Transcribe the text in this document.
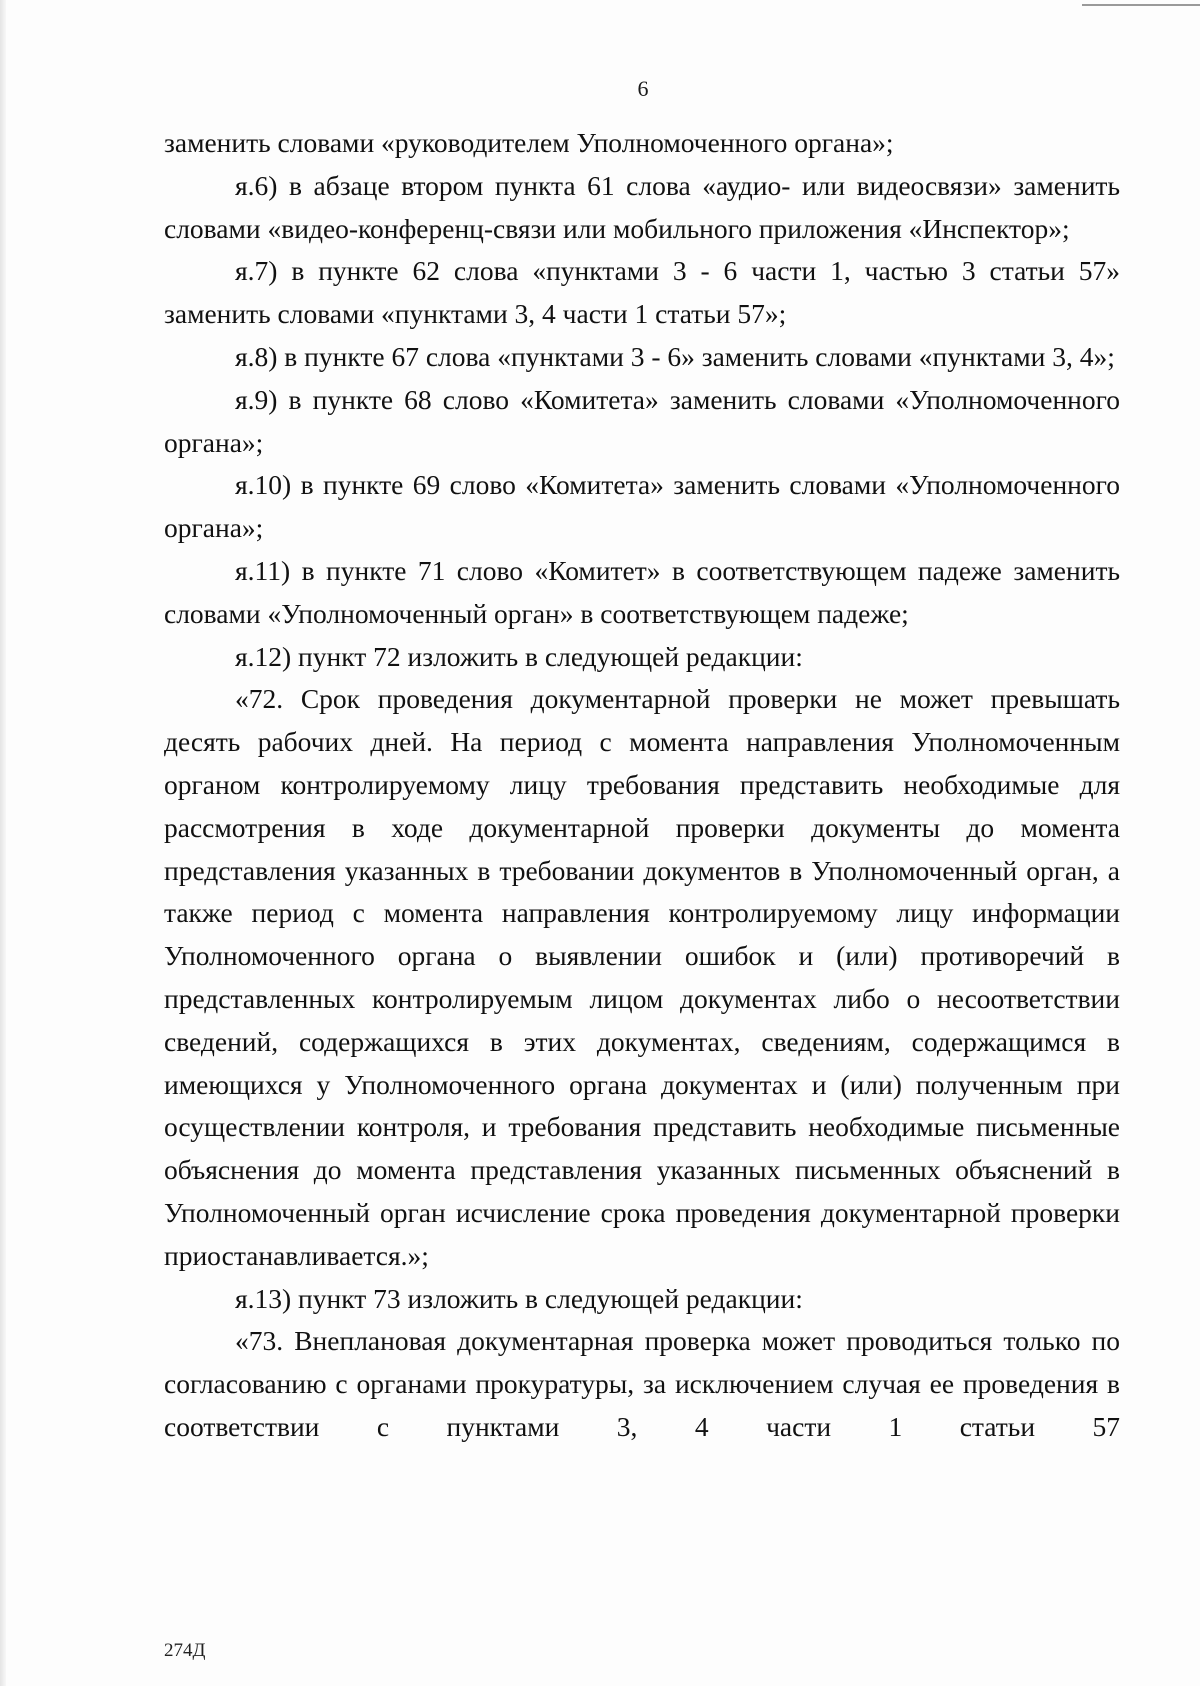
6

заменить словами «руководителем Уполномоченного органа»;

я.6) в абзаце втором пункта 61 слова «аудио- или видеосвязи» заменить словами «видео-конференц-связи или мобильного приложения «Инспектор»;

я.7) в пункте 62 слова «пунктами 3 - 6 части 1, частью 3 статьи 57» заменить словами «пунктами 3, 4 части 1 статьи 57»;

я.8) в пункте 67 слова «пунктами 3 - 6» заменить словами «пунктами 3, 4»;

я.9) в пункте 68 слово «Комитета» заменить словами «Уполномоченного органа»;

я.10) в пункте 69 слово «Комитета» заменить словами «Уполномоченного органа»;

я.11) в пункте 71 слово «Комитет» в соответствующем падеже заменить словами «Уполномоченный орган» в соответствующем падеже;

я.12) пункт 72 изложить в следующей редакции:

«72. Срок проведения документарной проверки не может превышать десять рабочих дней. На период с момента направления Уполномоченным органом контролируемому лицу требования представить необходимые для рассмотрения в ходе документарной проверки документы до момента представления указанных в требовании документов в Уполномоченный орган, а также период с момента направления контролируемому лицу информации Уполномоченного органа о выявлении ошибок и (или) противоречий в представленных контролируемым лицом документах либо о несоответствии сведений, содержащихся в этих документах, сведениям, содержащимся в имеющихся у Уполномоченного органа документах и (или) полученным при осуществлении контроля, и требования представить необходимые письменные объяснения до момента представления указанных письменных объяснений в Уполномоченный орган исчисление срока проведения документарной проверки приостанавливается.»;

я.13) пункт 73 изложить в следующей редакции:

«73. Внеплановая документарная проверка может проводиться только по согласованию с органами прокуратуры, за исключением случая ее проведения в соответствии с пунктами 3, 4 части 1 статьи 57

274Д
